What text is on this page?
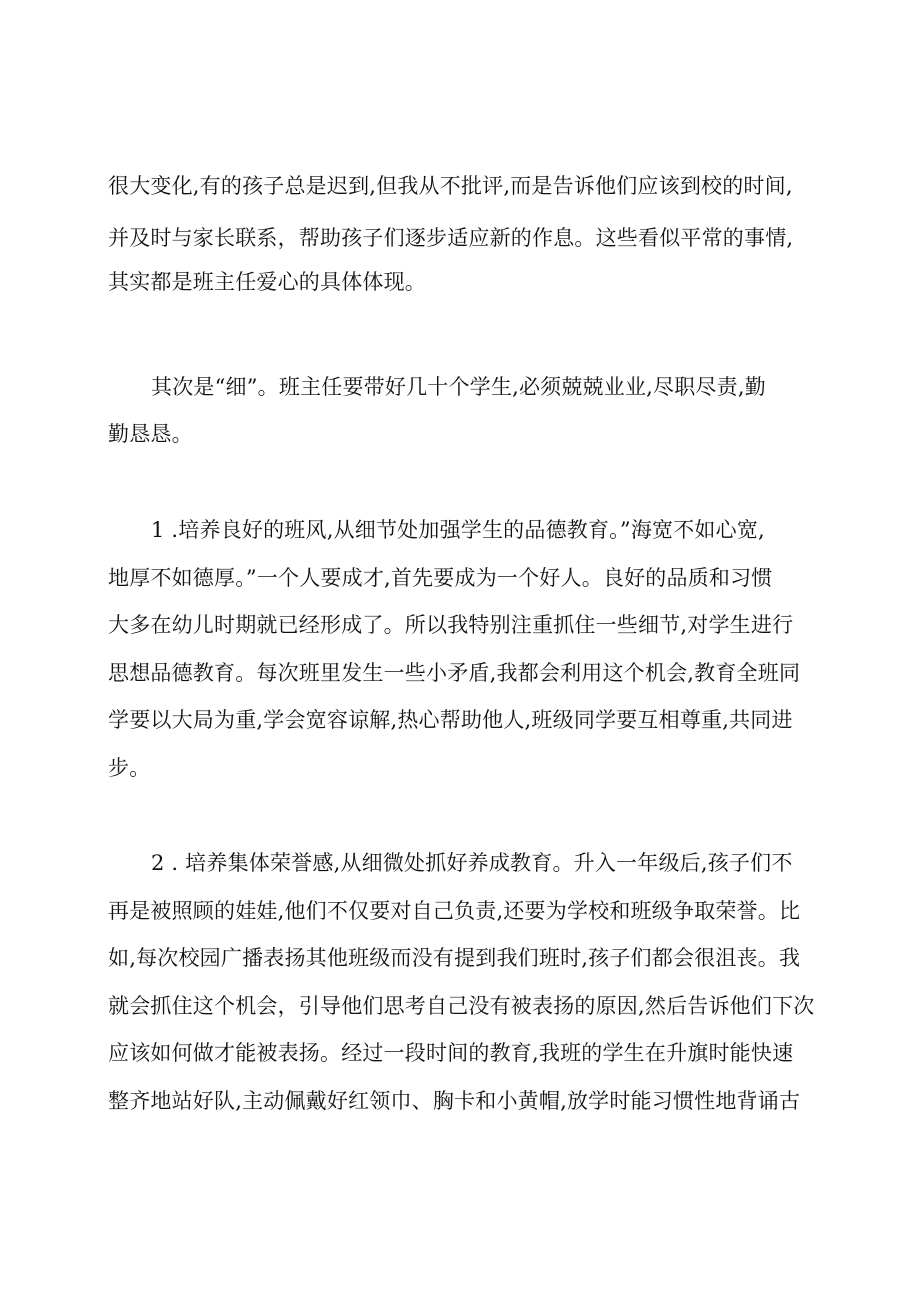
很大变化,有的孩子总是迟到,但我从不批评,而是告诉他们应该到校的时间,
并及时与家长联系，帮助孩子们逐步适应新的作息。这些看似平常的事情,
其实都是班主任爱心的具体体现。
其次是“细”。班主任要带好几十个学生,必须兢兢业业,尽职尽责,勤
勤恳恳。
1 .培养良好的班风,从细节处加强学生的品德教育。”海宽不如心宽,
地厚不如德厚。”一个人要成才,首先要成为一个好人。良好的品质和习惯
大多在幼儿时期就已经形成了。所以我特别注重抓住一些细节,对学生进行
思想品德教育。每次班里发生一些小矛盾,我都会利用这个机会,教育全班同
学要以大局为重,学会宽容谅解,热心帮助他人,班级同学要互相尊重,共同进
步。
2 . 培养集体荣誉感,从细微处抓好养成教育。升入一年级后,孩子们不
再是被照顾的娃娃,他们不仅要对自己负责,还要为学校和班级争取荣誉。比
如,每次校园广播表扬其他班级而没有提到我们班时,孩子们都会很沮丧。我
就会抓住这个机会，引导他们思考自己没有被表扬的原因,然后告诉他们下次
应该如何做才能被表扬。经过一段时间的教育,我班的学生在升旗时能快速
整齐地站好队,主动佩戴好红领巾、胸卡和小黄帽,放学时能习惯性地背诵古
